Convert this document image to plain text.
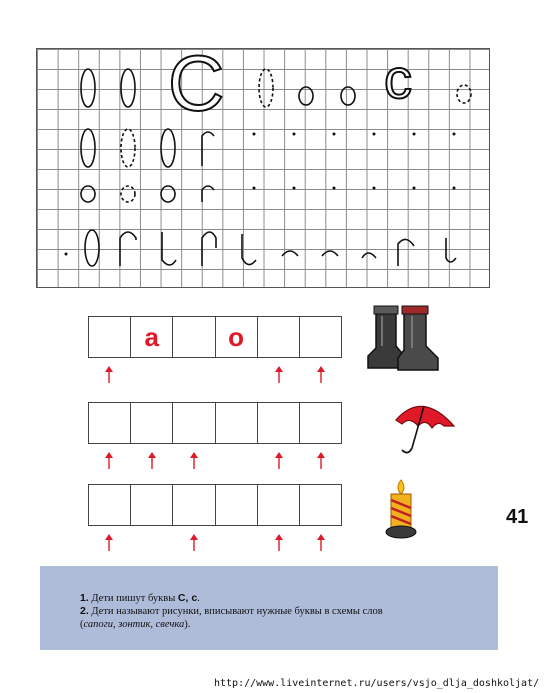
С	с
а	о
41
1. Дети пишут буквы С, с.
2. Дети называют рисунки, вписывают нужные буквы в схемы слов
(сапоги, зонтик, свечка).
http://www.liveinternet.ru/users/vsjo_dlja_doshkoljat/
